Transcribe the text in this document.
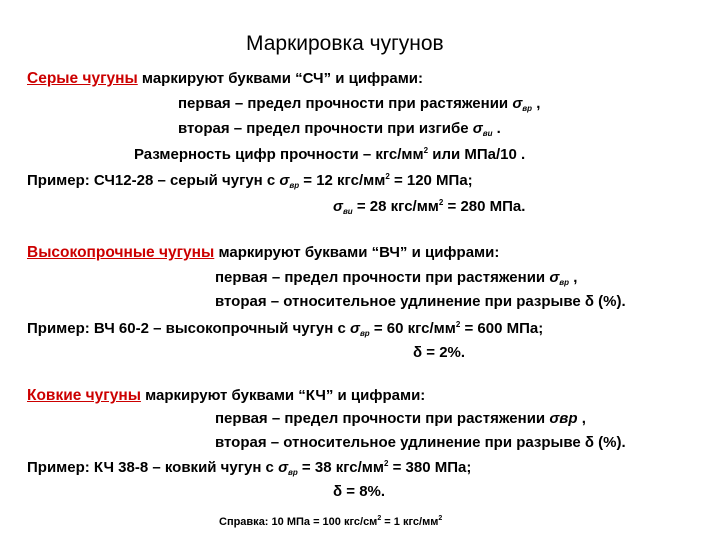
Маркировка чугунов
Серые чугуны маркируют буквами “СЧ” и цифрами:
первая – предел прочности при растяжении $\sigma_{вр}$ ,
вторая – предел прочности при изгибе $\sigma_{ви}$ .
Размерность цифр прочности – кгс/$мм^2$ или МПа/10 .
Пример: СЧ12-28 – серый чугун с $\sigma_{вр} = 12$ кгс/$мм^2 = 120$ МПа;
$\sigma_{ви} = 28$ кгс/$мм^2 = 280$ МПа.
Высокопрочные чугуны маркируют буквами “ВЧ” и цифрами:
первая – предел прочности при растяжении $\sigma_{вр}$ ,
вторая – относительное удлинение при разрыве δ (%).
Пример: ВЧ 60-2 – высокопрочный чугун с $\sigma_{вр} = 60$ кгс/$мм^2 = 600$ МПа;
δ = 2%.
Ковкие чугуны маркируют буквами “КЧ” и цифрами:
первая – предел прочности при растяжении σвр ,
вторая – относительное удлинение при разрыве δ (%).
Пример: КЧ 38-8 – ковкий чугун с $\sigma_{вр} = 38$ кгс/$мм^2 = 380$ МПа;
δ = 8%.
Справка: 10 МПа = 100 кгс/$см^2 = 1$ кгс/$мм^2$
